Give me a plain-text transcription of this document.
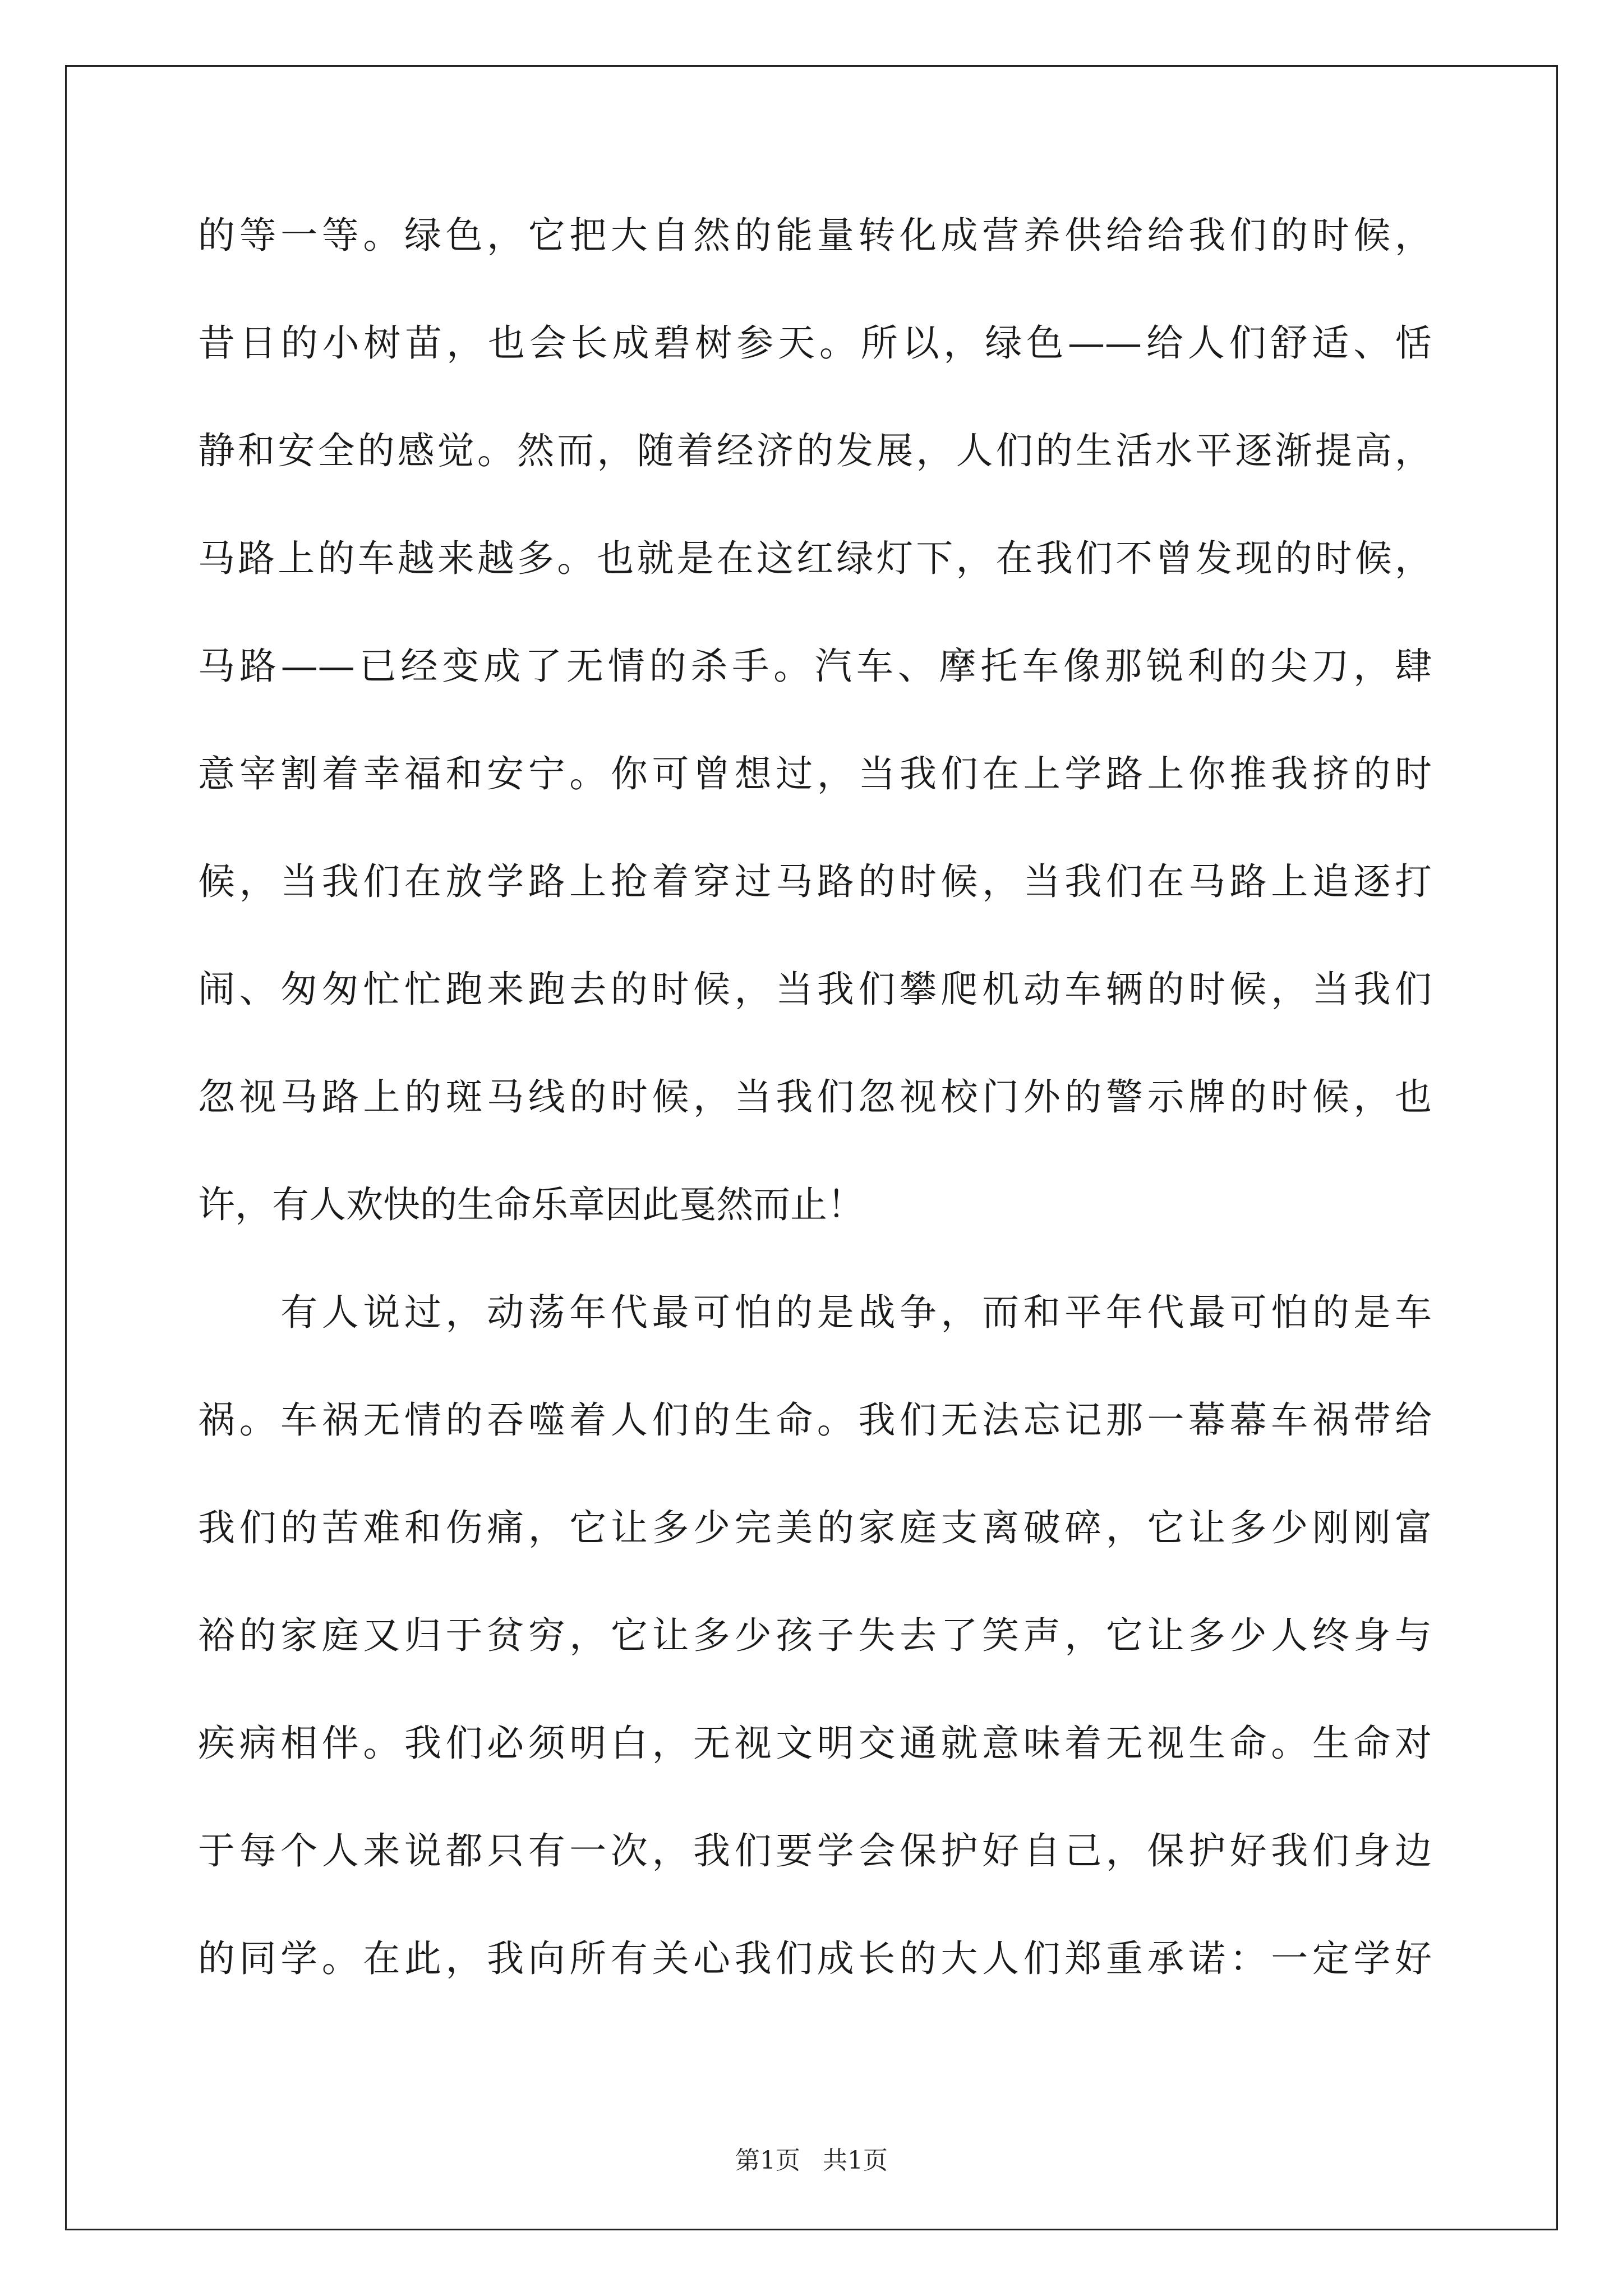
的等一等。绿色，它把大自然的能量转化成营养供给给我们的时候，
昔日的小树苗，也会长成碧树参天。所以，绿色——给人们舒适、恬
静和安全的感觉。然而，随着经济的发展，人们的生活水平逐渐提高，
马路上的车越来越多。也就是在这红绿灯下，在我们不曾发现的时候，
马路——已经变成了无情的杀手。汽车、摩托车像那锐利的尖刀，肆
意宰割着幸福和安宁。你可曾想过，当我们在上学路上你推我挤的时
候，当我们在放学路上抢着穿过马路的时候，当我们在马路上追逐打
闹、匆匆忙忙跑来跑去的时候，当我们攀爬机动车辆的时候，当我们
忽视马路上的斑马线的时候，当我们忽视校门外的警示牌的时候，也
许，有人欢快的生命乐章因此戛然而止！
　　有人说过，动荡年代最可怕的是战争，而和平年代最可怕的是车
祸。车祸无情的吞噬着人们的生命。我们无法忘记那一幕幕车祸带给
我们的苦难和伤痛，它让多少完美的家庭支离破碎，它让多少刚刚富
裕的家庭又归于贫穷，它让多少孩子失去了笑声，它让多少人终身与
疾病相伴。我们必须明白，无视文明交通就意味着无视生命。生命对
于每个人来说都只有一次，我们要学会保护好自己，保护好我们身边
的同学。在此，我向所有关心我们成长的大人们郑重承诺：一定学好
第1页 共1页
